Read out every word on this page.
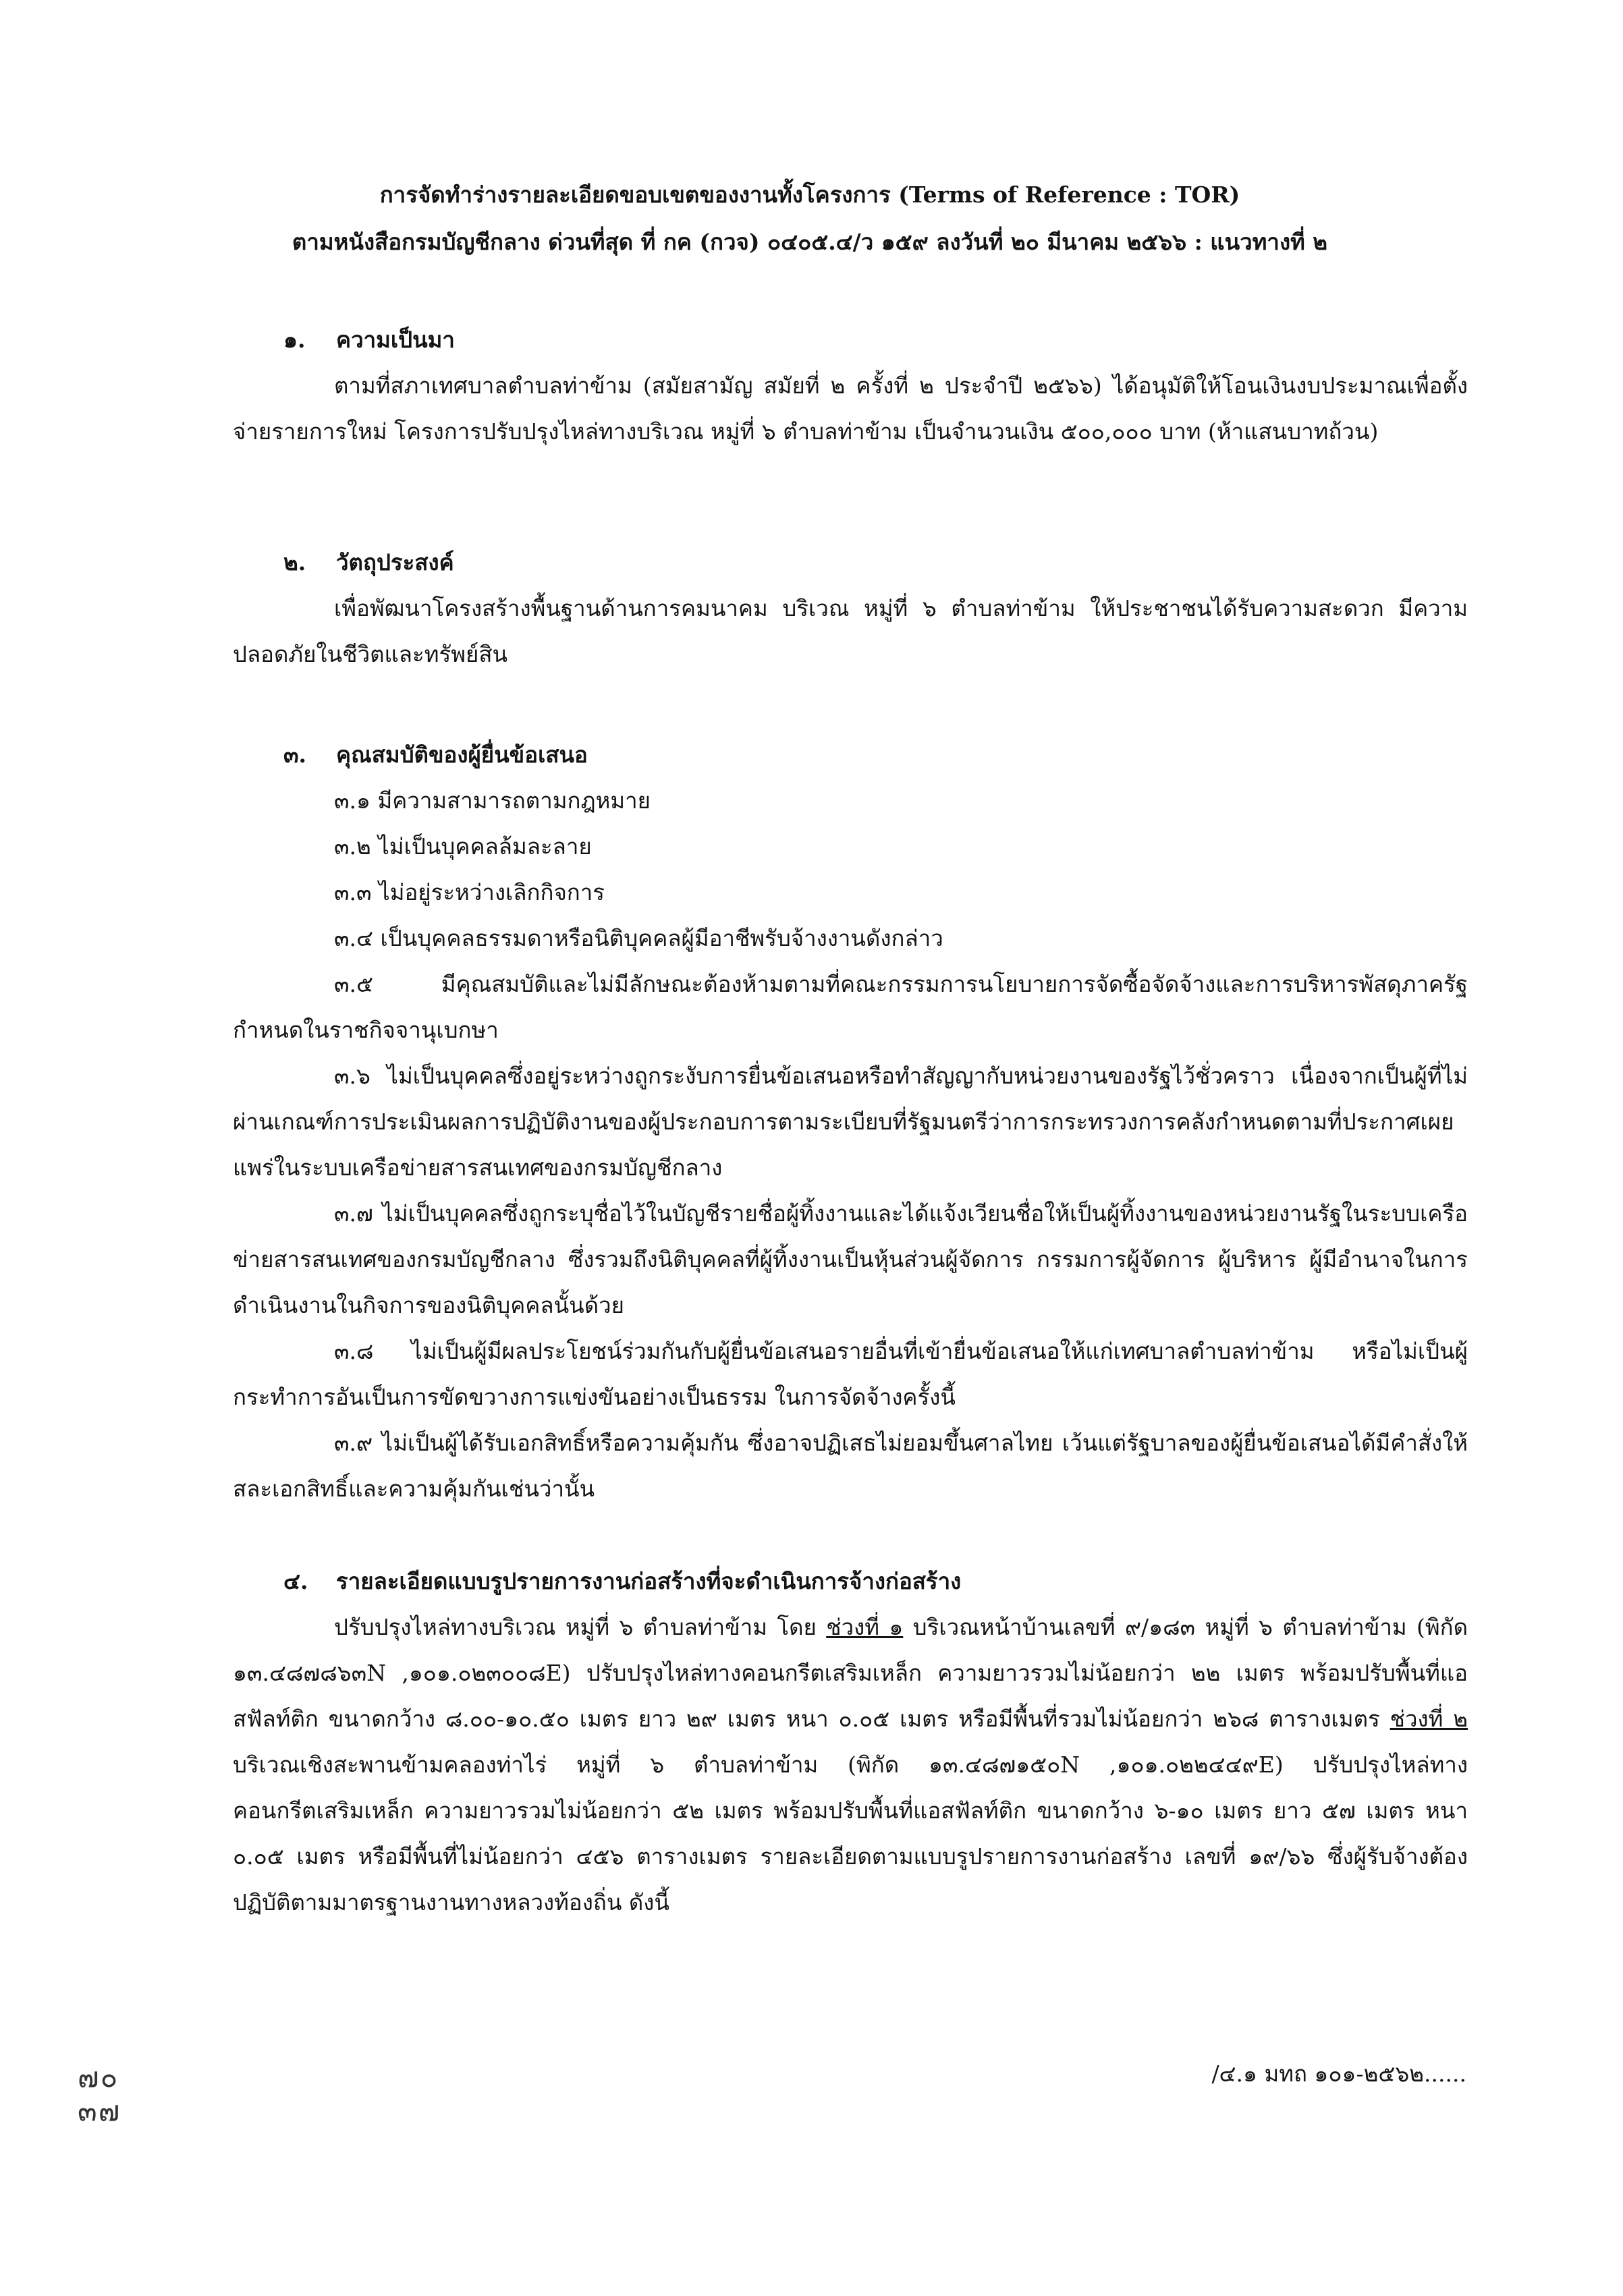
การจัดทำร่างรายละเอียดขอบเขตของงานทั้งโครงการ (Terms of Reference : TOR)
ตามหนังสือกรมบัญชีกลาง ด่วนที่สุด ที่ กค (กวจ) ๐๔๐๕.๔/ว ๑๕๙ ลงวันที่ ๒๐ มีนาคม ๒๕๖๖ : แนวทางที่ ๒
๑. ความเป็นมา

ตามที่สภาเทศบาลตำบลท่าข้าม (สมัยสามัญ สมัยที่ ๒ ครั้งที่ ๒ ประจำปี ๒๕๖๖) ได้อนุมัติให้โอนเงินงบประมาณเพื่อตั้งจ่ายรายการใหม่ โครงการปรับปรุงไหล่ทางบริเวณ หมู่ที่ ๖ ตำบลท่าข้าม เป็นจำนวนเงิน ๕๐๐,๐๐๐ บาท (ห้าแสนบาทถ้วน)

๒. วัตถุประสงค์

เพื่อพัฒนาโครงสร้างพื้นฐานด้านการคมนาคม บริเวณ หมู่ที่ ๖ ตำบลท่าข้าม ให้ประชาชนได้รับความสะดวก มีความปลอดภัยในชีวิตและทรัพย์สิน

๓. คุณสมบัติของผู้ยื่นข้อเสนอ
๓.๑ มีความสามารถตามกฎหมาย
๓.๒ ไม่เป็นบุคคลล้มละลาย
๓.๓ ไม่อยู่ระหว่างเลิกกิจการ
๓.๔ เป็นบุคคลธรรมดาหรือนิติบุคคลผู้มีอาชีพรับจ้างงานดังกล่าว

๓.๕ มีคุณสมบัติและไม่มีลักษณะต้องห้ามตามที่คณะกรรมการนโยบายการจัดซื้อจัดจ้างและการบริหารพัสดุภาครัฐกำหนดในราชกิจจานุเบกษา

๓.๖ ไม่เป็นบุคคลซึ่งอยู่ระหว่างถูกระงับการยื่นข้อเสนอหรือทำสัญญากับหน่วยงานของรัฐไว้ชั่วคราว เนื่องจากเป็นผู้ที่ไม่ผ่านเกณฑ์การประเมินผลการปฏิบัติงานของผู้ประกอบการตามระเบียบที่รัฐมนตรีว่าการกระทรวงการคลังกำหนดตามที่ประกาศเผยแพร่ในระบบเครือข่ายสารสนเทศของกรมบัญชีกลาง

๓.๗ ไม่เป็นบุคคลซึ่งถูกระบุชื่อไว้ในบัญชีรายชื่อผู้ทิ้งงานและได้แจ้งเวียนชื่อให้เป็นผู้ทิ้งงานของหน่วยงานรัฐในระบบเครือข่ายสารสนเทศของกรมบัญชีกลาง ซึ่งรวมถึงนิติบุคคลที่ผู้ทิ้งงานเป็นหุ้นส่วนผู้จัดการ กรรมการผู้จัดการ ผู้บริหาร ผู้มีอำนาจในการดำเนินงานในกิจการของนิติบุคคลนั้นด้วย

๓.๘ ไม่เป็นผู้มีผลประโยชน์ร่วมกันกับผู้ยื่นข้อเสนอรายอื่นที่เข้ายื่นข้อเสนอให้แก่เทศบาลตำบลท่าข้าม หรือไม่เป็นผู้กระทำการอันเป็นการขัดขวางการแข่งขันอย่างเป็นธรรม ในการจัดจ้างครั้งนี้

๓.๙ ไม่เป็นผู้ได้รับเอกสิทธิ์หรือความคุ้มกัน ซึ่งอาจปฏิเสธไม่ยอมขึ้นศาลไทย เว้นแต่รัฐบาลของผู้ยื่นข้อเสนอได้มีคำสั่งให้สละเอกสิทธิ์และความคุ้มกันเช่นว่านั้น

๔. รายละเอียดแบบรูปรายการงานก่อสร้างที่จะดำเนินการจ้างก่อสร้าง

ปรับปรุงไหล่ทางบริเวณ หมู่ที่ ๖ ตำบลท่าข้าม โดย ช่วงที่ ๑ บริเวณหน้าบ้านเลขที่ ๙/๑๘๓ หมู่ที่ ๖ ตำบลท่าข้าม (พิกัด ๑๓.๔๘๗๘๖๓N ,๑๐๑.๐๒๓๐๐๘E) ปรับปรุงไหล่ทางคอนกรีตเสริมเหล็ก ความยาวรวมไม่น้อยกว่า ๒๒ เมตร พร้อมปรับพื้นที่แอสฟัลท์ติก ขนาดกว้าง ๘.๐๐-๑๐.๕๐ เมตร ยาว ๒๙ เมตร หนา ๐.๐๕ เมตร หรือมีพื้นที่รวมไม่น้อยกว่า ๒๖๘ ตารางเมตร ช่วงที่ ๒ บริเวณเชิงสะพานข้ามคลองท่าไร่ หมู่ที่ ๖ ตำบลท่าข้าม (พิกัด ๑๓.๔๘๗๑๕๐N ,๑๐๑.๐๒๒๔๔๙E) ปรับปรุงไหล่ทางคอนกรีตเสริมเหล็ก ความยาวรวมไม่น้อยกว่า ๕๒ เมตร พร้อมปรับพื้นที่แอสฟัลท์ติก ขนาดกว้าง ๖-๑๐ เมตร ยาว ๕๗ เมตร หนา ๐.๐๕ เมตร หรือมีพื้นที่ไม่น้อยกว่า ๔๕๖ ตารางเมตร รายละเอียดตามแบบรูปรายการงานก่อสร้าง เลขที่ ๑๙/๖๖ ซึ่งผู้รับจ้างต้องปฏิบัติตามมาตรฐานงานทางหลวงท้องถิ่น ดังนี้

/๔.๑ มทถ ๑๐๑-๒๕๖๒......
๗๐
๓๗
